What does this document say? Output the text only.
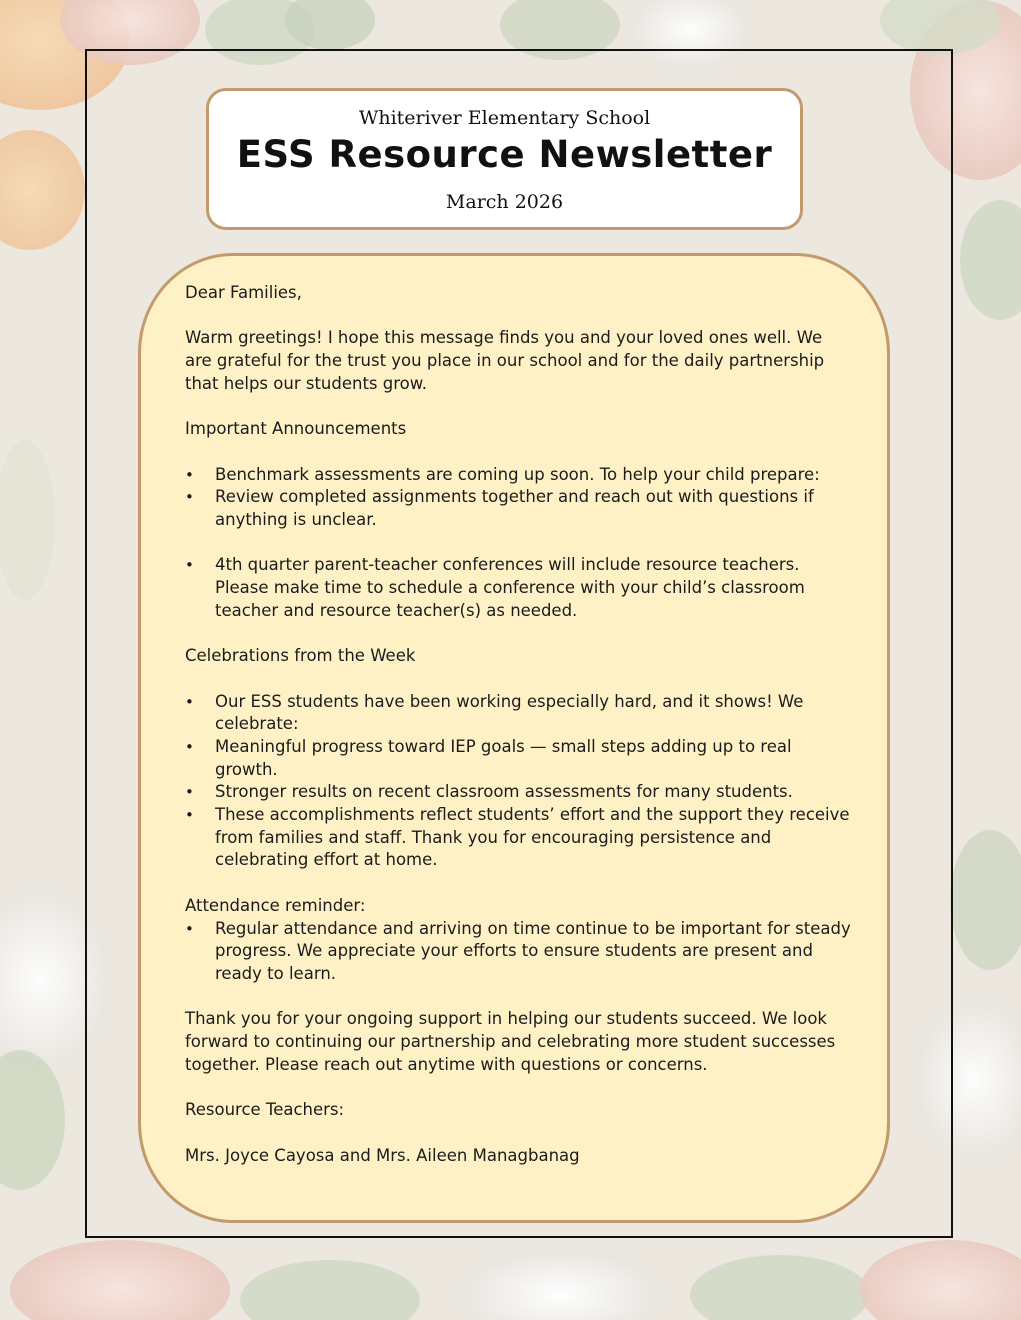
Whiteriver Elementary School
ESS Resource Newsletter
March 2026

Dear Families,

Warm greetings! I hope this message finds you and your loved ones well. We are grateful for the trust you place in our school and for the daily partnership that helps our students grow.

Important Announcements

• Benchmark assessments are coming up soon. To help your child prepare:
• Review completed assignments together and reach out with questions if anything is unclear.
• 4th quarter parent-teacher conferences will include resource teachers. Please make time to schedule a conference with your child’s classroom teacher and resource teacher(s) as needed.

Celebrations from the Week

• Our ESS students have been working especially hard, and it shows! We celebrate:
• Meaningful progress toward IEP goals — small steps adding up to real growth.
• Stronger results on recent classroom assessments for many students.
• These accomplishments reflect students’ effort and the support they receive from families and staff. Thank you for encouraging persistence and celebrating effort at home.

Attendance reminder:

• Regular attendance and arriving on time continue to be important for steady progress. We appreciate your efforts to ensure students are present and ready to learn.

Thank you for your ongoing support in helping our students succeed. We look forward to continuing our partnership and celebrating more student successes together. Please reach out anytime with questions or concerns.

Resource Teachers:

Mrs. Joyce Cayosa and Mrs. Aileen Managbanag
